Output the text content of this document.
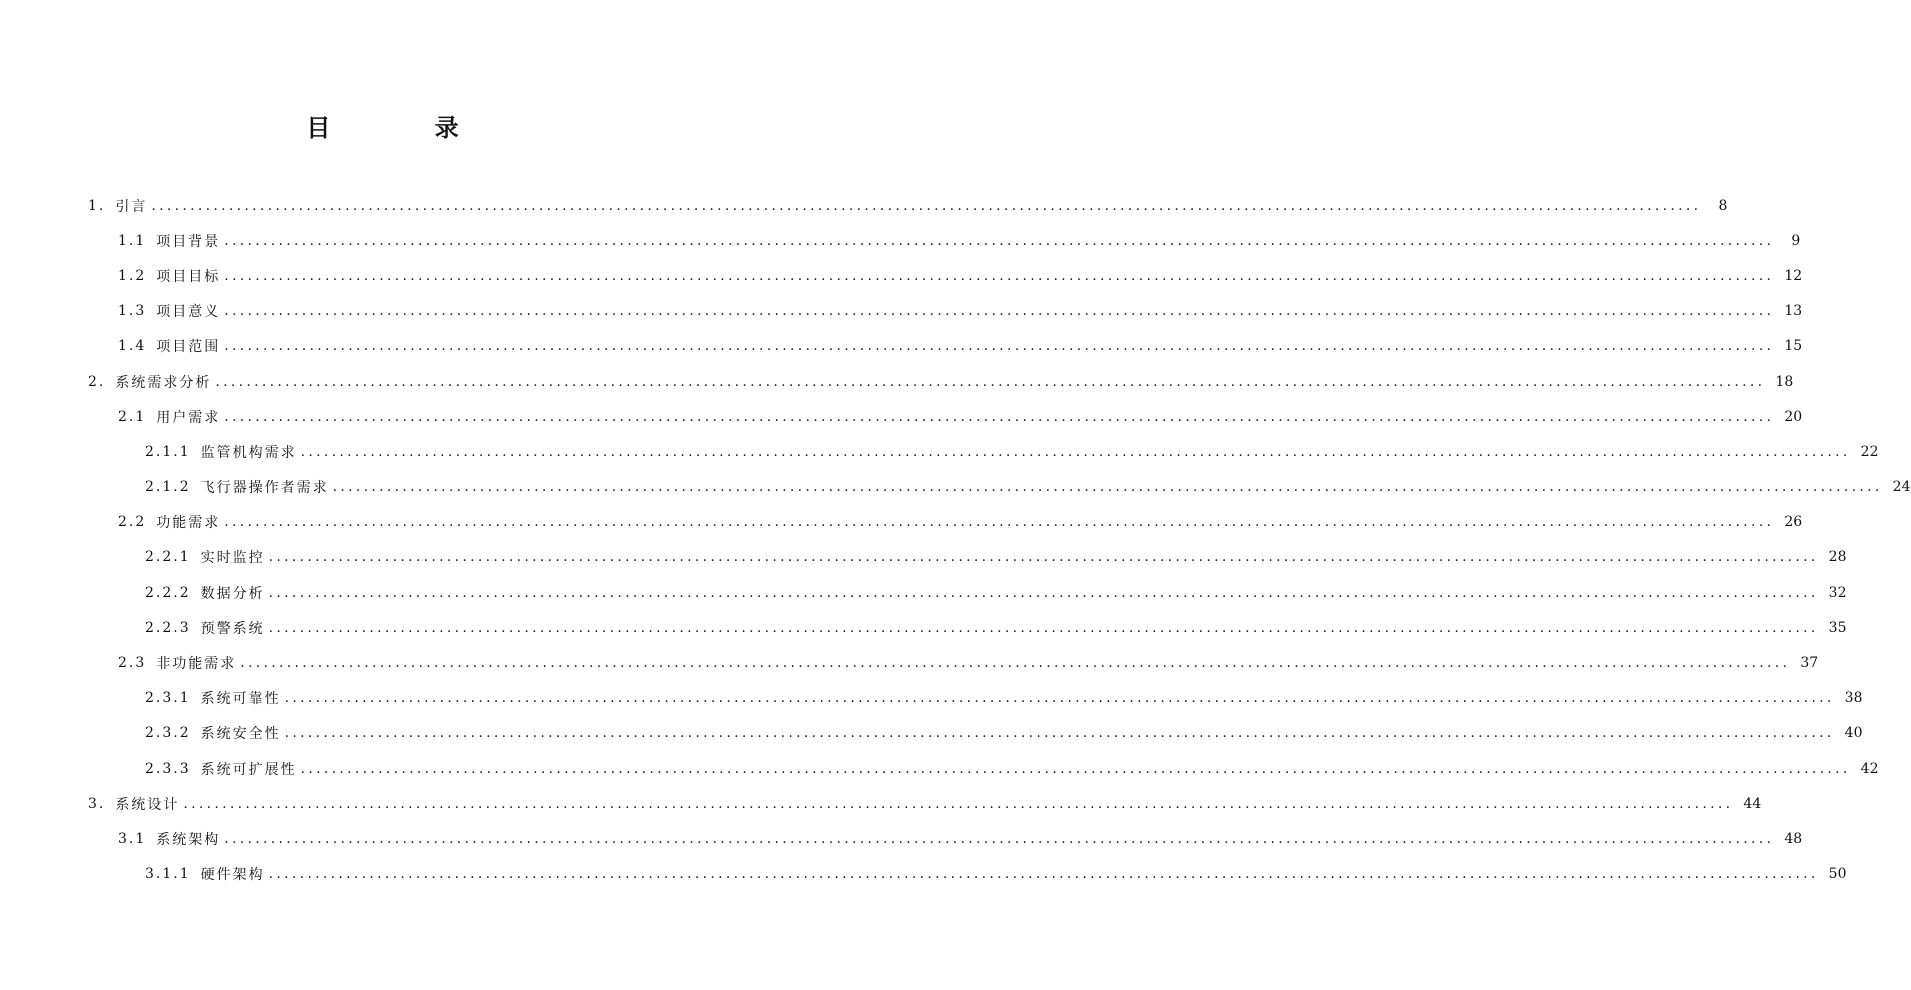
目 录
1. 引言 ........................................................................................................................................................................................................	8
1.1 项目背景 ........................................................................................................................................................................................................	9
1.2 项目目标 ........................................................................................................................................................................................................ 12
1.3 项目意义 ........................................................................................................................................................................................................ 13
1.4 项目范围 ........................................................................................................................................................................................................ 15
2. 系统需求分析 ........................................................................................................................................................................................................ 18
2.1 用户需求 ........................................................................................................................................................................................................ 20
2.1.1 监管机构需求 ........................................................................................................................................................................................................ 22
2.1.2 飞行器操作者需求 ........................................................................................................................................................................................................ 24
2.2 功能需求 ........................................................................................................................................................................................................ 26
2.2.1 实时监控 ........................................................................................................................................................................................................ 28
2.2.2 数据分析 ........................................................................................................................................................................................................ 32
2.2.3 预警系统 ........................................................................................................................................................................................................ 35
2.3 非功能需求 ........................................................................................................................................................................................................ 37
2.3.1 系统可靠性 ........................................................................................................................................................................................................ 38
2.3.2 系统安全性 ........................................................................................................................................................................................................ 40
2.3.3 系统可扩展性 ........................................................................................................................................................................................................ 42
3. 系统设计 ........................................................................................................................................................................................................ 44
3.1 系统架构 ........................................................................................................................................................................................................ 48
3.1.1 硬件架构 ........................................................................................................................................................................................................ 50
